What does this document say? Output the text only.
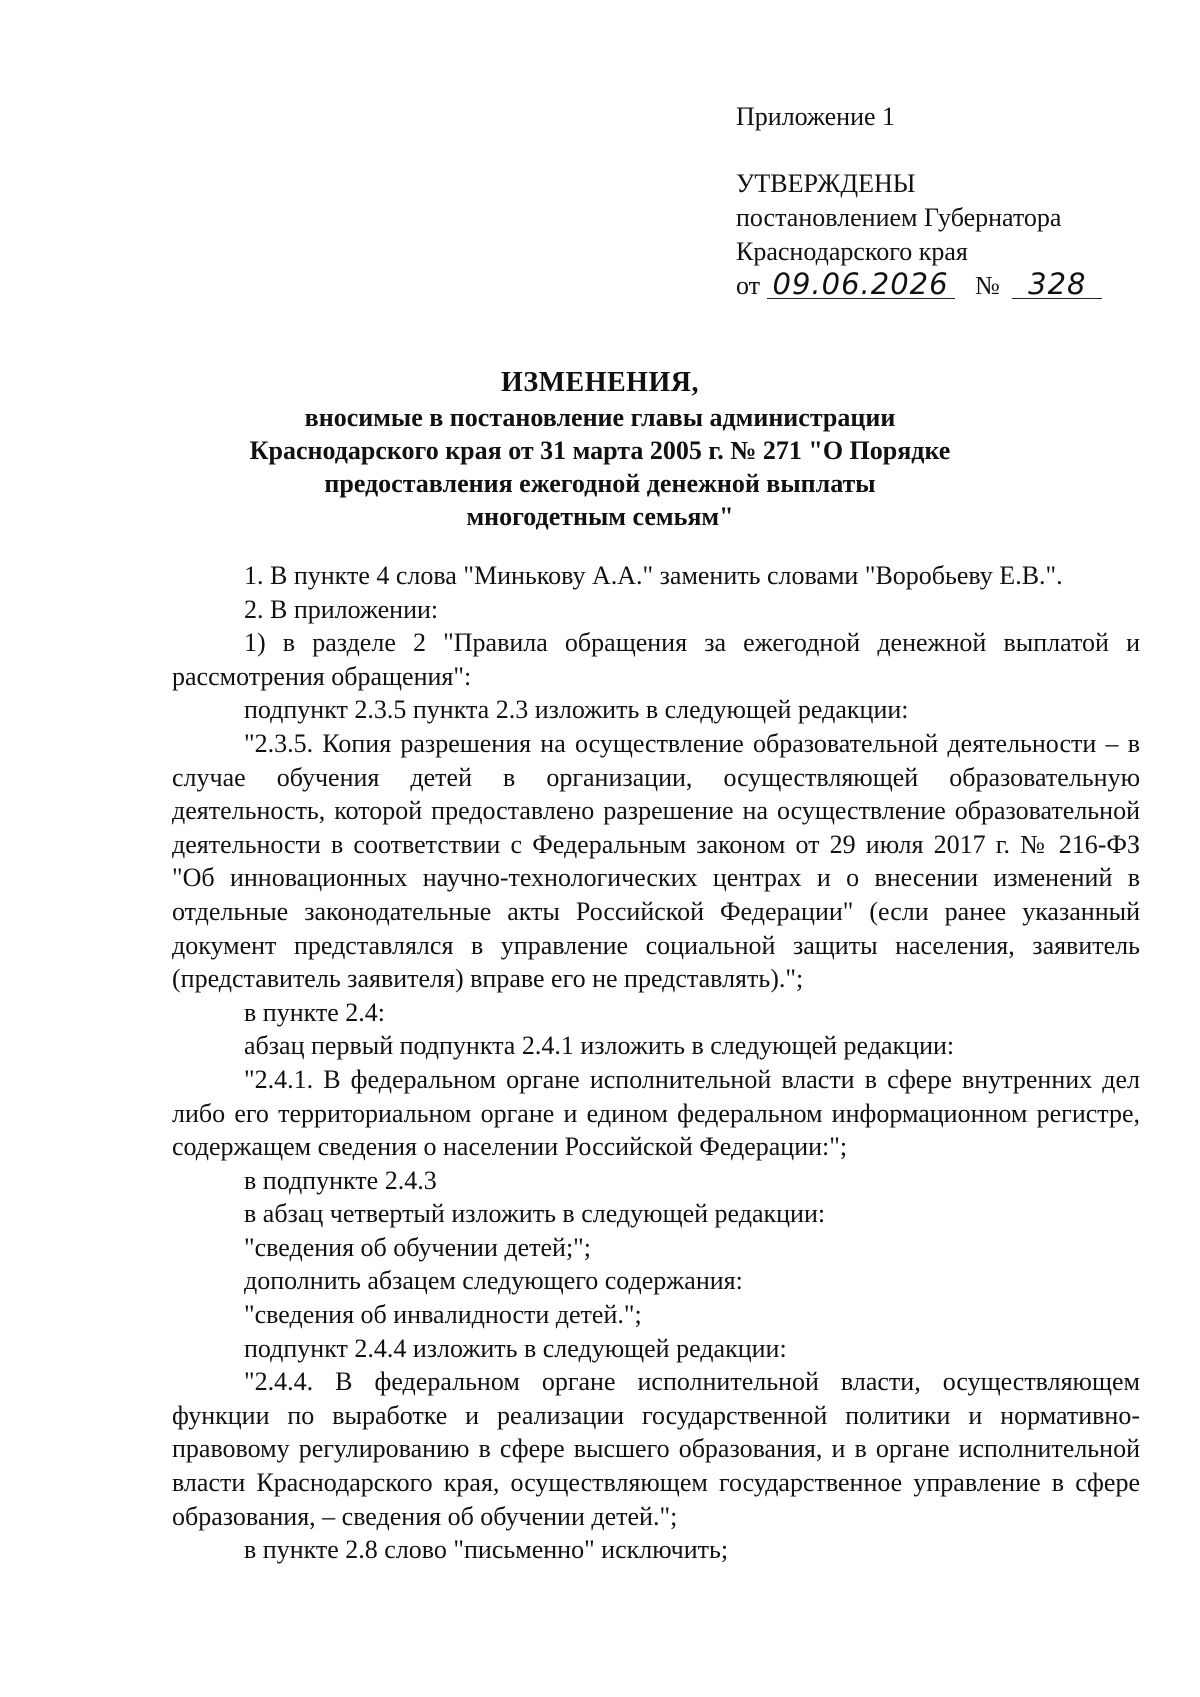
Приложение 1
УТВЕРЖДЕНЫ
постановлением Губернатора
Краснодарского края
от 09.06.2026 № 328
ИЗМЕНЕНИЯ,
вносимые в постановление главы администрации
Краснодарского края от 31 марта 2005 г. № 271 "О Порядке
предоставления ежегодной денежной выплаты
многодетным семьям"

1. В пункте 4 слова "Минькову А.А." заменить словами "Воробьеву Е.В.".

2. В приложении:

1) в разделе 2 "Правила обращения за ежегодной денежной выплатой и рассмотрения обращения":

подпункт 2.3.5 пункта 2.3 изложить в следующей редакции:

"2.3.5. Копия разрешения на осуществление образовательной деятельности – в случае обучения детей в организации, осуществляющей образовательную деятельность, которой предоставлено разрешение на осуществление образовательной деятельности в соответствии с Федеральным законом от 29 июля 2017 г. № 216-ФЗ "Об инновационных научно-технологических центрах и о внесении изменений в отдельные законодательные акты Российской Федерации" (если ранее указанный документ представлялся в управление социальной защиты населения, заявитель (представитель заявителя) вправе его не представлять).";

в пункте 2.4:

абзац первый подпункта 2.4.1 изложить в следующей редакции:

"2.4.1. В федеральном органе исполнительной власти в сфере внутренних дел либо его территориальном органе и едином федеральном информационном регистре, содержащем сведения о населении Российской Федерации:";

в подпункте 2.4.3

в абзац четвертый изложить в следующей редакции:

"сведения об обучении детей;";

дополнить абзацем следующего содержания:

"сведения об инвалидности детей.";

подпункт 2.4.4 изложить в следующей редакции:

"2.4.4. В федеральном органе исполнительной власти, осуществляющем функции по выработке и реализации государственной политики и нормативно-правовому регулированию в сфере высшего образования, и в органе исполнительной власти Краснодарского края, осуществляющем государственное управление в сфере образования, – сведения об обучении детей.";

в пункте 2.8 слово "письменно" исключить;
